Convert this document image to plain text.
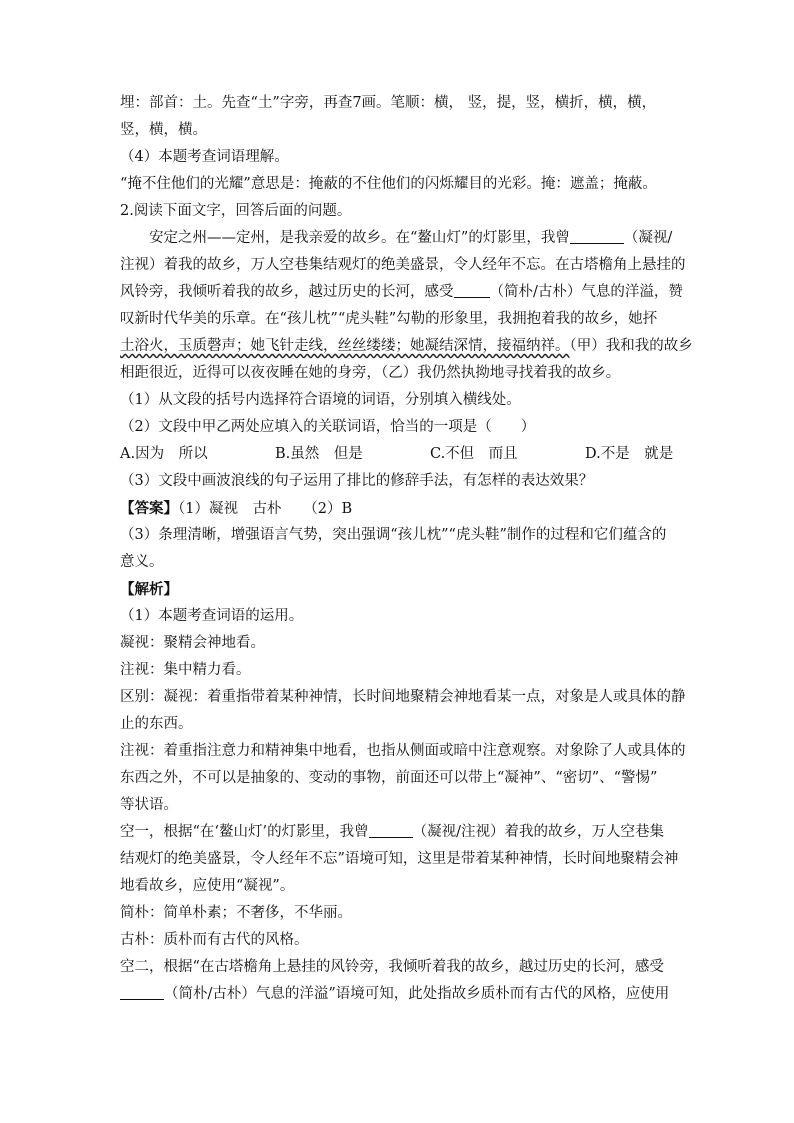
埋：部首：土。先查“土”字旁，再查7画。笔顺：横， 竖，提，竖，横折，横，横，
竖，横，横。
（4）本题考查词语理解。
“掩不住他们的光耀”意思是：掩蔽的不住他们的闪烁耀目的光彩。掩：遮盖；掩蔽。
2.阅读下面文字，回答后面的问题。
安定之州——定州，是我亲爱的故乡。在“鳌山灯”的灯影里，我曾	（凝视/
注视）着我的故乡，万人空巷集结观灯的绝美盛景，令人经年不忘。在古塔檐角上悬挂的
风铃旁，我倾听着我的故乡，越过历史的长河，感受 （简朴/古朴）气息的洋溢，赞
叹新时代华美的乐章。在“孩儿枕”“虎头鞋”勾勒的形象里，我拥抱着我的故乡，她抔
土浴火，玉质磬声；她飞针走线，丝丝缕缕；她凝结深情，接福纳祥。（甲）我和我的故乡
相距很近，近得可以夜夜睡在她的身旁，（乙）我仍然执拗地寻找着我的故乡。
（1）从文段的括号内选择符合语境的词语，分别填入横线处。
（2）文段中甲乙两处应填入的关联词语，恰当的一项是（　　）
A.因为　所以	B.虽然　但是	C.不但　而且	D.不是　就是
（3）文段中画波浪线的句子运用了排比的修辞手法，有怎样的表达效果？
【答案】（1）凝视　古朴　　（2）B
（3）条理清晰，增强语言气势，突出强调“孩儿枕”“虎头鞋”制作的过程和它们蕴含的
意义。
【解析】
（1）本题考查词语的运用。
凝视：聚精会神地看。
注视：集中精力看。
区别：凝视：着重指带着某种神情，长时间地聚精会神地看某一点，对象是人或具体的静
止的东西。
注视：着重指注意力和精神集中地看，也指从侧面或暗中注意观察。对象除了人或具体的
东西之外，不可以是抽象的、变动的事物，前面还可以带上“凝神”、“密切”、“警惕”
等状语。
空一，根据“在‘鳌山灯’的灯影里，我曾	（凝视/注视）着我的故乡，万人空巷集
结观灯的绝美盛景，令人经年不忘”语境可知，这里是带着某种神情，长时间地聚精会神
地看故乡，应使用“凝视”。
简朴：简单朴素；不奢侈，不华丽。
古朴：质朴而有古代的风格。
空二，根据“在古塔檐角上悬挂的风铃旁，我倾听着我的故乡，越过历史的长河，感受
（简朴/古朴）气息的洋溢”语境可知，此处指故乡质朴而有古代的风格，应使用
